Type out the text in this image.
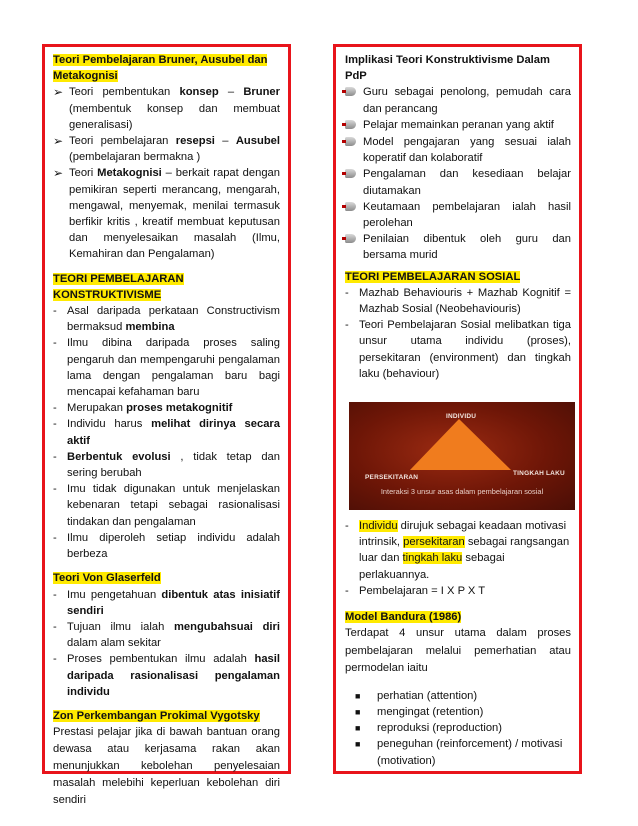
Teori Pembelajaran Bruner, Ausubel dan Metakognisi
➢ Teori pembentukan konsep – Bruner (membentuk konsep dan membuat generalisasi)
➢ Teori pembelajaran resepsi – Ausubel (pembelajaran bermakna )
➢ Teori Metakognisi – berkait rapat dengan pemikiran seperti merancang, mengarah, mengawal, menyemak, menilai termasuk berfikir kritis , kreatif membuat keputusan dan menyelesaikan masalah (Ilmu, Kemahiran dan Pengalaman)
TEORI PEMBELAJARAN KONSTRUKTIVISME
- Asal daripada perkataan Constructivism bermaksud membina
- Ilmu dibina daripada proses saling pengaruh dan mempengaruhi pengalaman lama dengan pengalaman baru bagi mencapai kefahaman baru
- Merupakan proses metakognitif
- Individu harus melihat dirinya secara aktif
- Berbentuk evolusi , tidak tetap dan sering berubah
- Imu tidak digunakan untuk menjelaskan kebenaran tetapi sebagai rasionalisasi tindakan dan pengalaman
- Ilmu diperoleh setiap individu adalah berbeza
Teori Von Glaserfeld
- Imu pengetahuan dibentuk atas inisiatif sendiri
- Tujuan ilmu ialah mengubahsuai diri dalam alam sekitar
- Proses pembentukan ilmu adalah hasil daripada rasionalisasi pengalaman individu
Zon Perkembangan Prokimal Vygotsky
Prestasi pelajar jika di bawah bantuan orang dewasa atau kerjasama rakan akan menunjukkan kebolehan penyelesaian masalah melebihi keperluan kebolehan diri sendiri
Implikasi Teori Konstruktivisme Dalam PdP
Guru sebagai penolong, pemudah cara dan perancang
Pelajar memainkan peranan yang aktif
Model pengajaran yang sesuai ialah koperatif dan kolaboratif
Pengalaman dan kesediaan belajar diutamakan
Keutamaan pembelajaran ialah hasil perolehan
Penilaian dibentuk oleh guru dan bersama murid
TEORI PEMBELAJARAN SOSIAL
- Mazhab Behaviouris + Mazhab Kognitif = Mazhab Sosial (Neobehaviouris)
- Teori Pembelajaran Sosial melibatkan tiga unsur utama individu (proses), persekitaran (environment) dan tingkah laku (behaviour)
INDIVIDU
PERSEKITARAN
TINGKAH LAKU
Interaksi 3 unsur asas dalam pembelajaran sosial
- Individu dirujuk sebagai keadaan motivasi intrinsik, persekitaran sebagai rangsangan luar dan tingkah laku sebagai perlakuannya.
- Pembelajaran = I X P X T
Model Bandura (1986)
Terdapat 4 unsur utama dalam proses pembelajaran melalui pemerhatian atau permodelan iaitu
■	perhatian (attention)
■	mengingat (retention)
■	reproduksi (reproduction)
■	peneguhan (reinforcement) / motivasi (motivation)
